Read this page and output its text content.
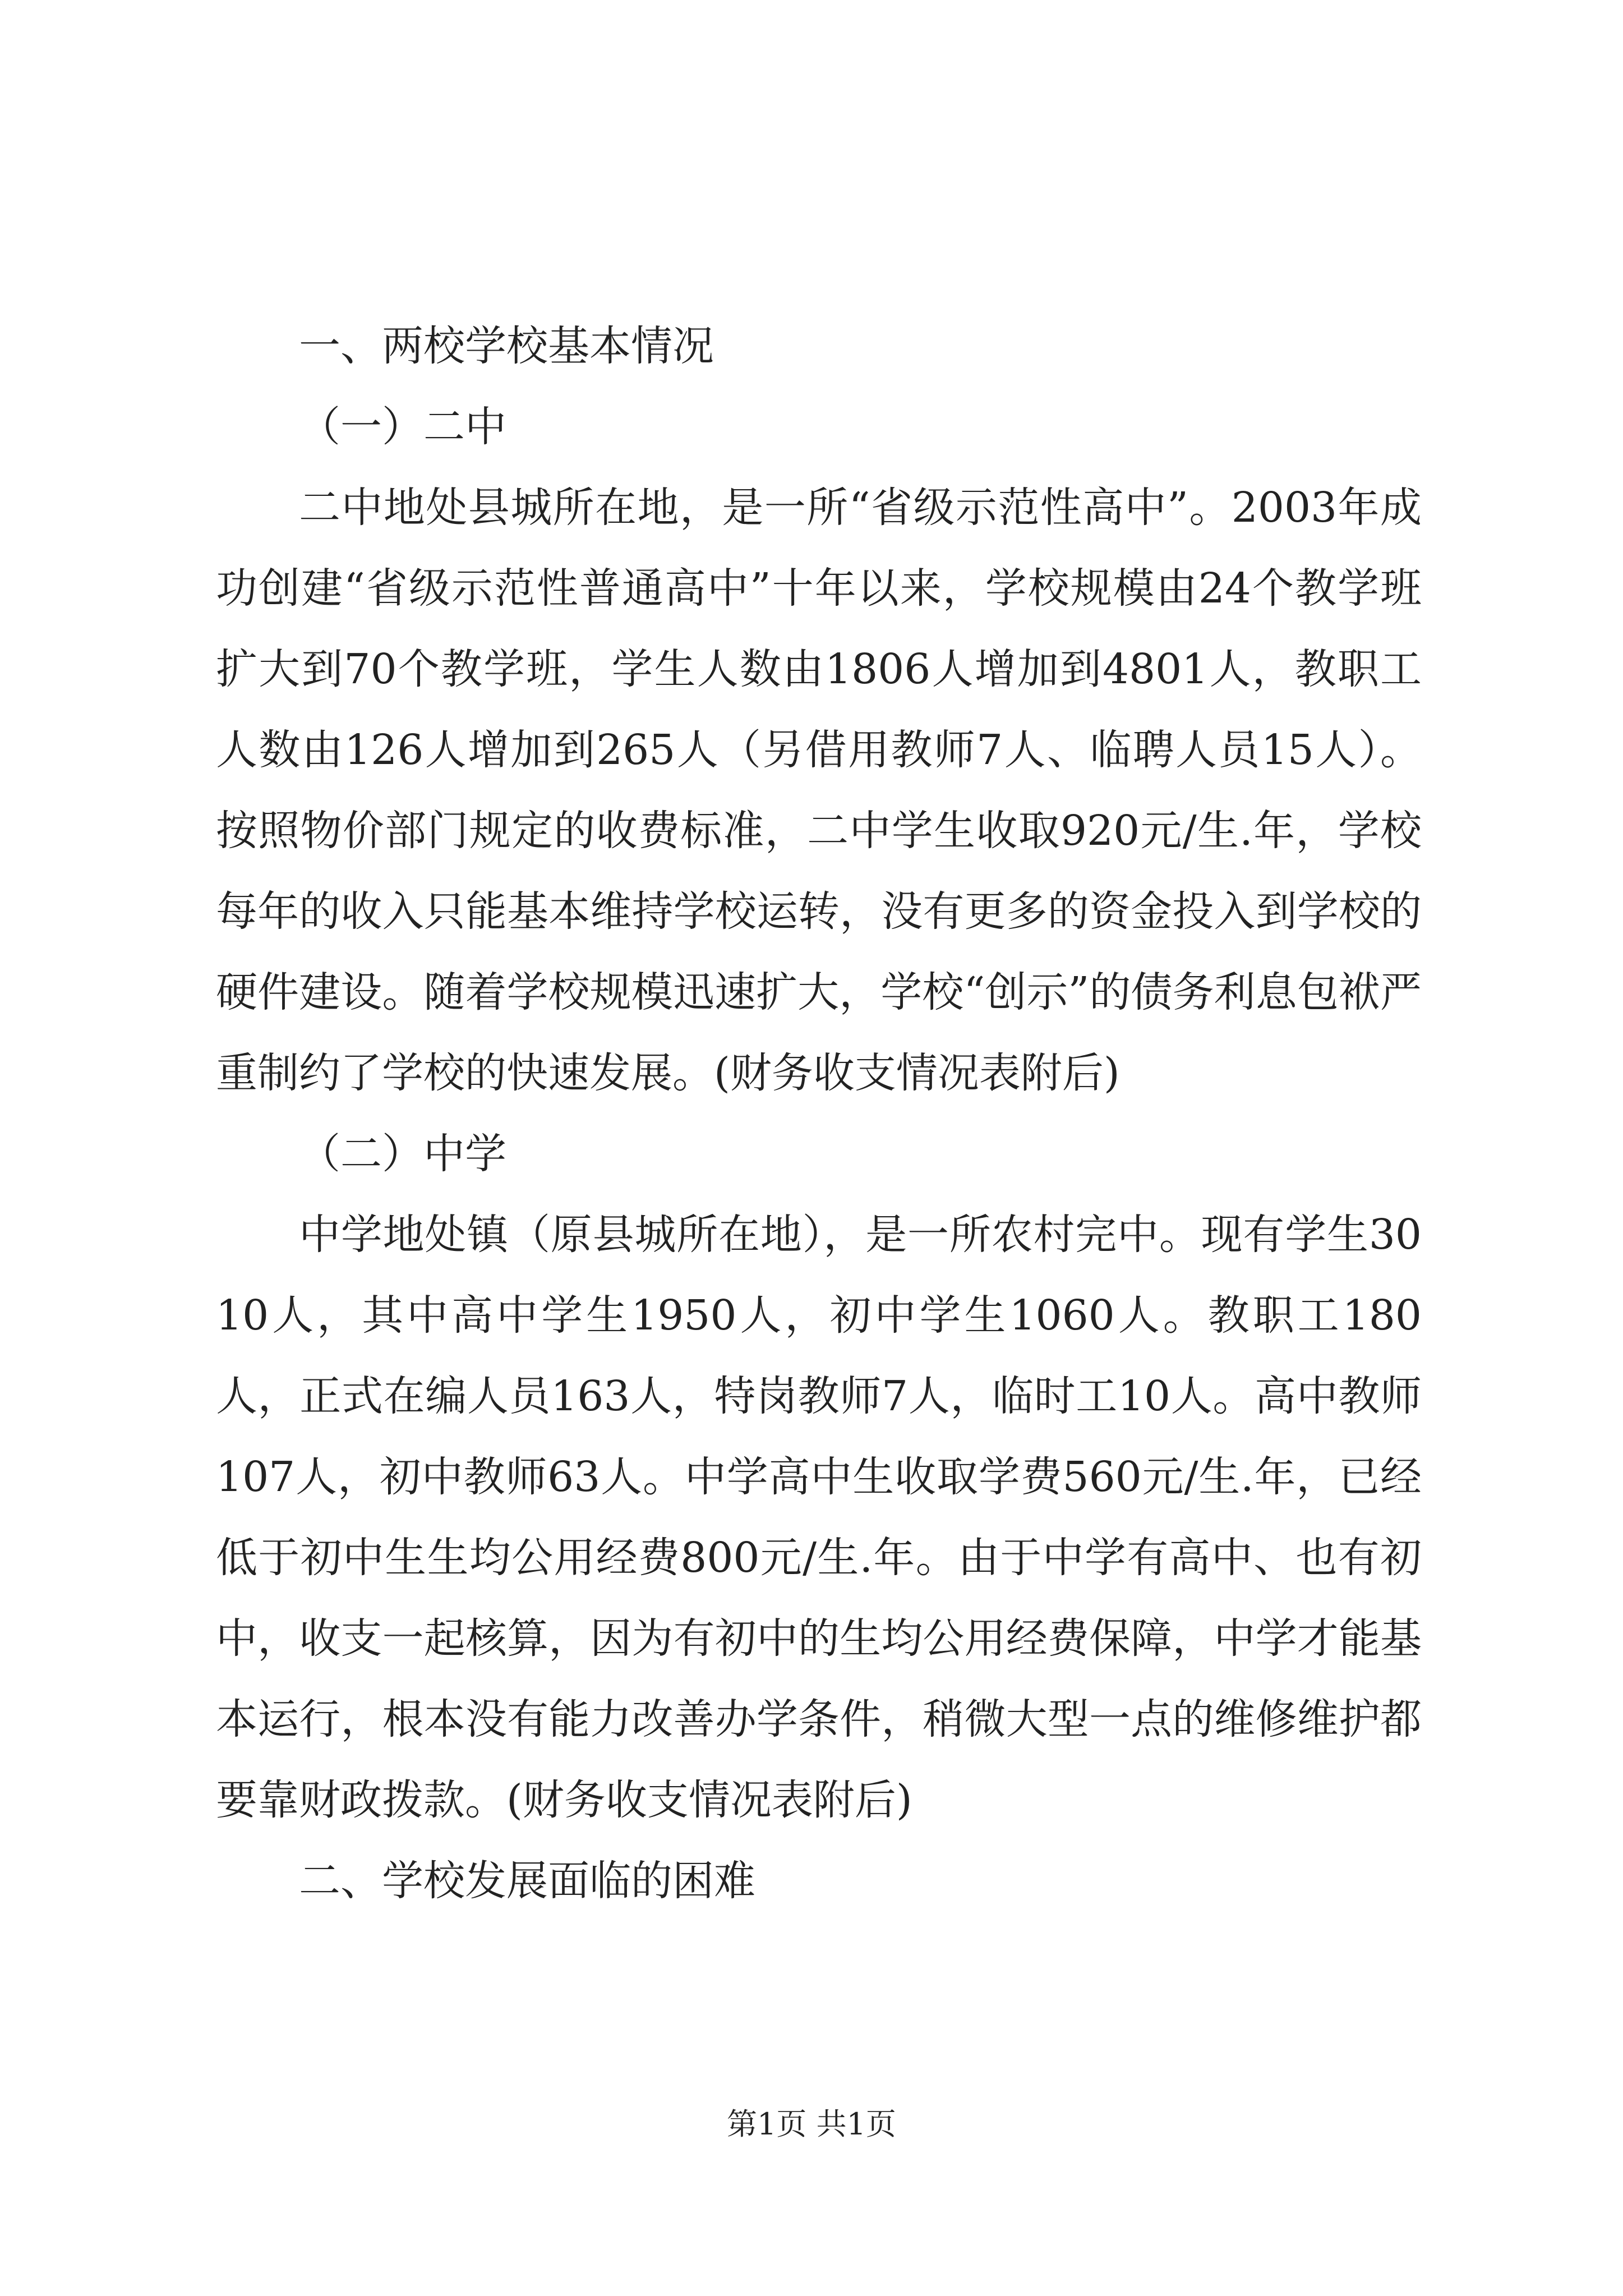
一、两校学校基本情况

（一）二中

二中地处县城所在地，是一所“省级示范性高中”。2003年成功创建“省级示范性普通高中”十年以来，学校规模由24个教学班扩大到70个教学班，学生人数由1806人增加到4801人，教职工人数由126人增加到265人（另借用教师7人、临聘人员15人）。按照物价部门规定的收费标准，二中学生收取920元/生.年，学校每年的收入只能基本维持学校运转，没有更多的资金投入到学校的硬件建设。随着学校规模迅速扩大，学校“创示”的债务利息包袱严重制约了学校的快速发展。(财务收支情况表附后)

（二）中学

中学地处镇（原县城所在地），是一所农村完中。现有学生3010人，其中高中学生1950人，初中学生1060人。教职工180人，正式在编人员163人，特岗教师7人，临时工10人。高中教师107人，初中教师63人。中学高中生收取学费560元/生.年，已经低于初中生生均公用经费800元/生.年。由于中学有高中、也有初中，收支一起核算，因为有初中的生均公用经费保障，中学才能基本运行，根本没有能力改善办学条件，稍微大型一点的维修维护都要靠财政拨款。(财务收支情况表附后)

二、学校发展面临的困难

第1页 共1页
